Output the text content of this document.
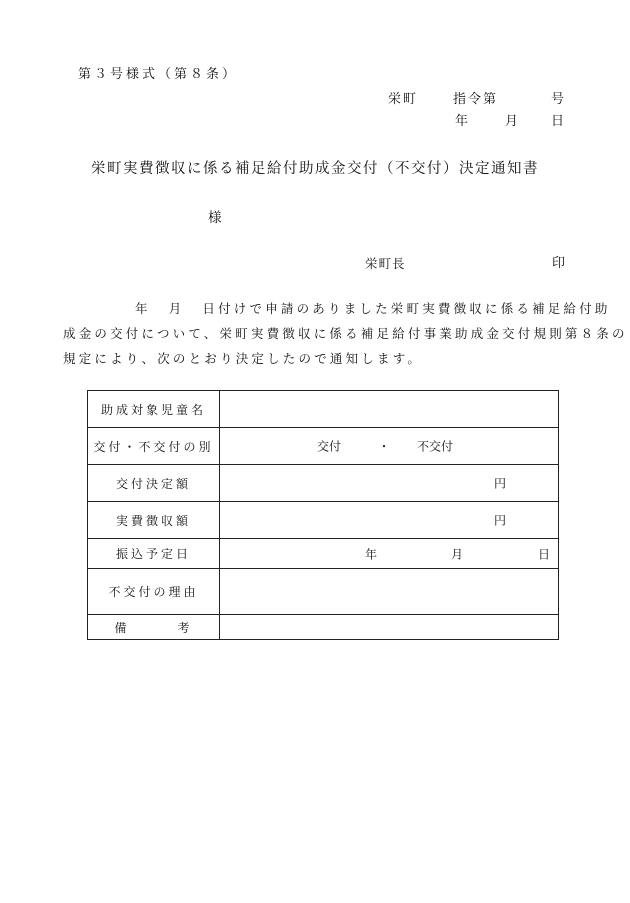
第３号様式（第８条）
栄町	指令第	号
年	月	日
栄町実費徴収に係る補足給付助成金交付（不交付）決定通知書
様
栄町長	印
年 月 日付けで申請のありました栄町実費徴収に係る補足給付助
成金の交付について、栄町実費徴収に係る補足給付事業助成金交付規則第８条の
規定により、次のとおり決定したので通知します。
助成対象児童名	
交付・不交付の別	交付 ・ 不交付

交付決定額	円

実費徴収額	円

振込予定日	年 月 日

不交付の理由	
備 考	
